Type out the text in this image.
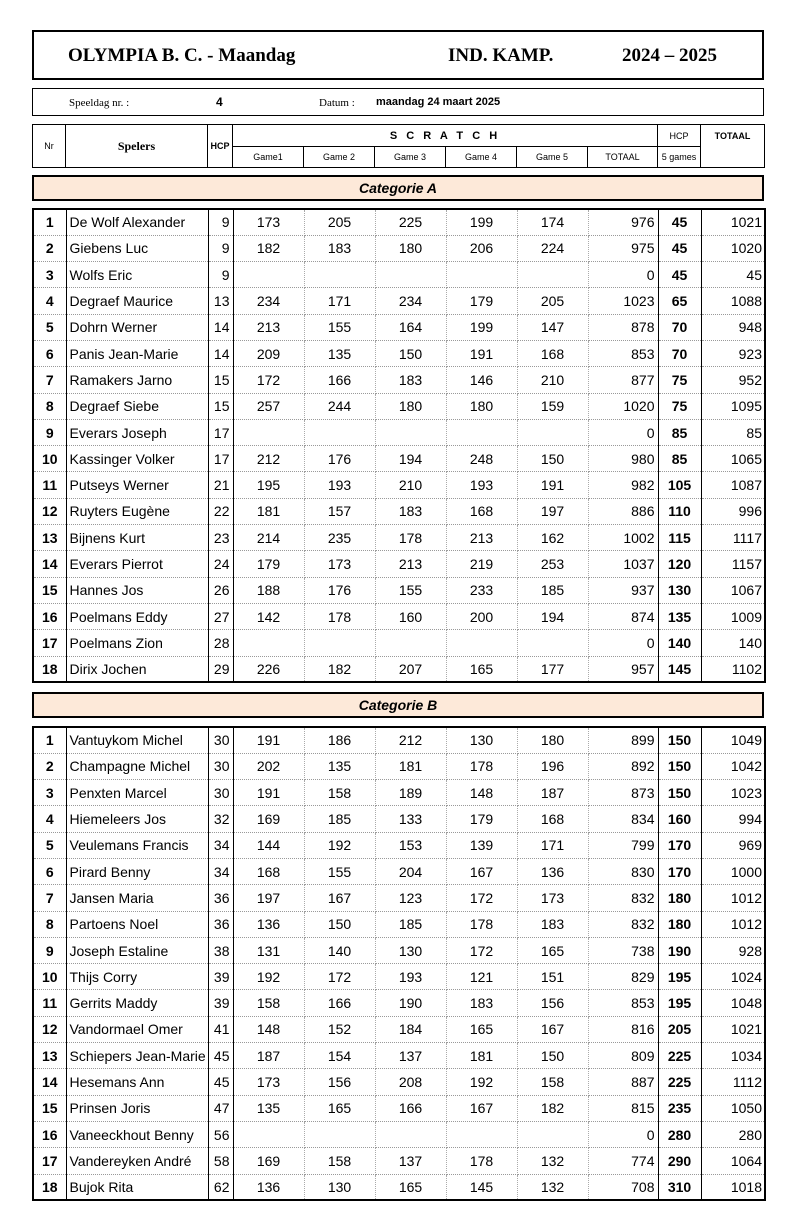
OLYMPIA B. C. - Maandag	IND. KAMP.	2024 – 2025
Speeldag nr. :	4	Datum : maandag 24 maart 2025
Nr	Spelers	HCP	S C R A T C H						HCP	TOTAAL
			Game1	Game 2	Game 3	Game 4	Game 5	TOTAAL	5 games	
Categorie A
1	De Wolf Alexander	9	173	205	225	199	174	976	45	1021
2	Giebens Luc	9	182	183	180	206	224	975	45	1020
3	Wolfs Eric	9						0	45	45
4	Degraef Maurice	13	234	171	234	179	205	1023	65	1088
5	Dohrn Werner	14	213	155	164	199	147	878	70	948
6	Panis Jean-Marie	14	209	135	150	191	168	853	70	923
7	Ramakers Jarno	15	172	166	183	146	210	877	75	952
8	Degraef Siebe	15	257	244	180	180	159	1020	75	1095
9	Everars Joseph	17						0	85	85
10	Kassinger Volker	17	212	176	194	248	150	980	85	1065
11	Putseys Werner	21	195	193	210	193	191	982	105	1087
12	Ruyters Eugène	22	181	157	183	168	197	886	110	996
13	Bijnens Kurt	23	214	235	178	213	162	1002	115	1117
14	Everars Pierrot	24	179	173	213	219	253	1037	120	1157
15	Hannes Jos	26	188	176	155	233	185	937	130	1067
16	Poelmans Eddy	27	142	178	160	200	194	874	135	1009
17	Poelmans Zion	28						0	140	140
18	Dirix Jochen	29	226	182	207	165	177	957	145	1102
Categorie B
1	Vantuykom Michel	30	191	186	212	130	180	899	150	1049
2	Champagne Michel	30	202	135	181	178	196	892	150	1042
3	Penxten Marcel	30	191	158	189	148	187	873	150	1023
4	Hiemeleers Jos	32	169	185	133	179	168	834	160	994
5	Veulemans Francis	34	144	192	153	139	171	799	170	969
6	Pirard Benny	34	168	155	204	167	136	830	170	1000
7	Jansen Maria	36	197	167	123	172	173	832	180	1012
8	Partoens Noel	36	136	150	185	178	183	832	180	1012
9	Joseph Estaline	38	131	140	130	172	165	738	190	928
10	Thijs Corry	39	192	172	193	121	151	829	195	1024
11	Gerrits Maddy	39	158	166	190	183	156	853	195	1048
12	Vandormael Omer	41	148	152	184	165	167	816	205	1021
13	Schiepers Jean-Marie	45	187	154	137	181	150	809	225	1034
14	Hesemans Ann	45	173	156	208	192	158	887	225	1112
15	Prinsen Joris	47	135	165	166	167	182	815	235	1050
16	Vaneeckhout Benny	56						0	280	280
17	Vandereyken André	58	169	158	137	178	132	774	290	1064
18	Bujok Rita	62	136	130	165	145	132	708	310	1018
